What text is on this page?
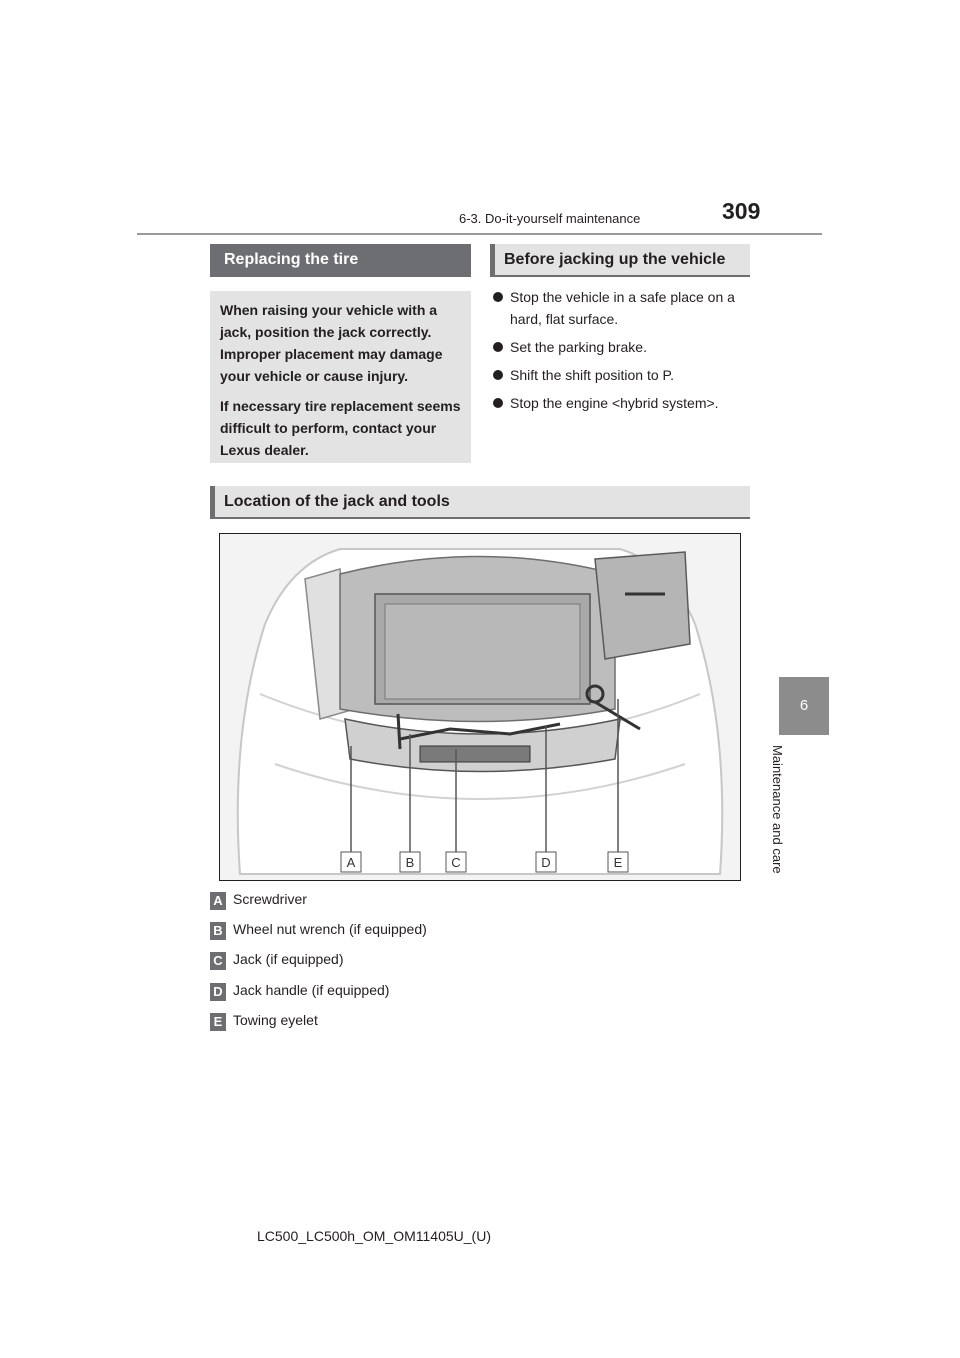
6-3. Do-it-yourself maintenance	309
6
Maintenance and care
Replacing the tire

When raising your vehicle with a jack, position the jack correctly. Improper placement may damage your vehicle or cause injury.

If necessary tire replacement seems difficult to perform, contact your Lexus dealer.

Before jacking up the vehicle
Stop the vehicle in a safe place on a hard, flat surface.
Set the parking brake.
Shift the shift position to P.
Stop the engine <hybrid system>.
Location of the jack and tools
A	B	C	D	E
A Screwdriver
B Wheel nut wrench (if equipped)
C Jack (if equipped)
D Jack handle (if equipped)
E Towing eyelet
LC500_LC500h_OM_OM11405U_(U)
